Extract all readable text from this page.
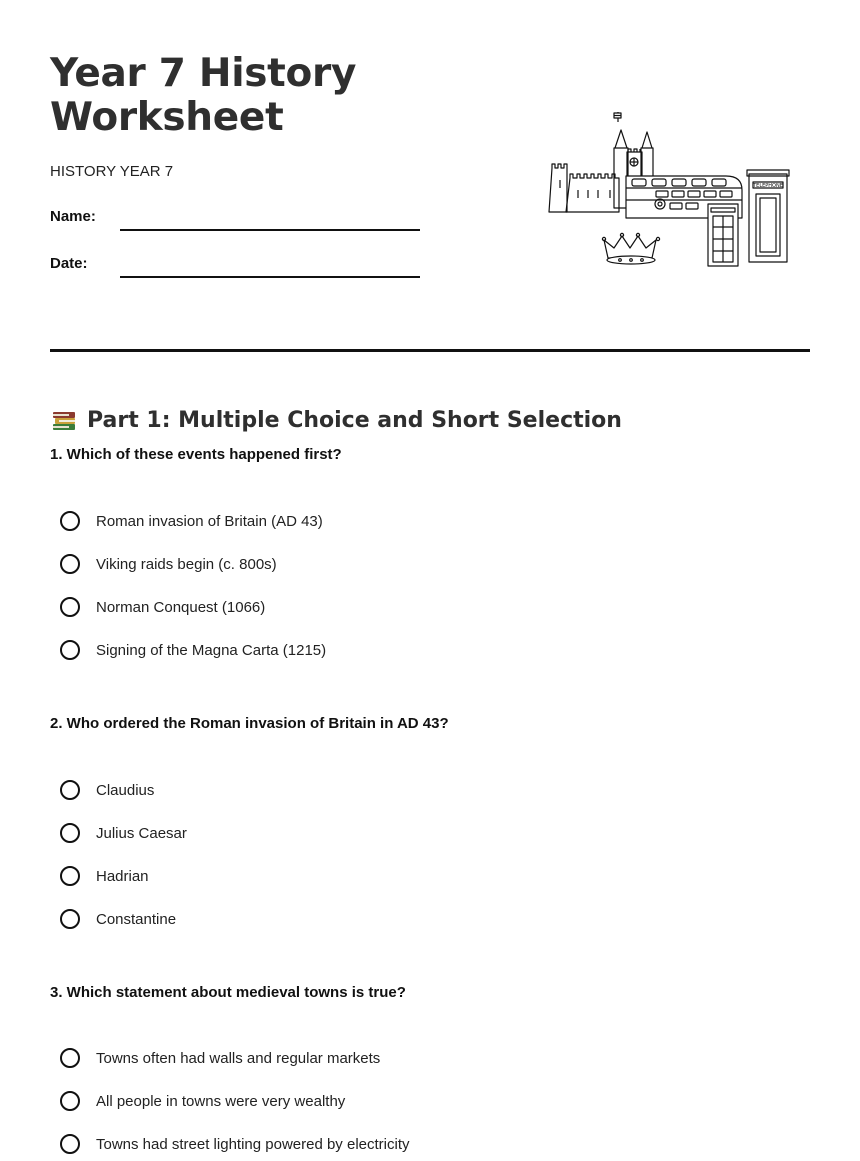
Year 7 History Worksheet
HISTORY YEAR 7
Name:
Date:
TELEPHONE
Part 1: Multiple Choice and Short Selection
1. Which of these events happened first?
Roman invasion of Britain (AD 43)
Viking raids begin (c. 800s)
Norman Conquest (1066)
Signing of the Magna Carta (1215)
2. Who ordered the Roman invasion of Britain in AD 43?
Claudius
Julius Caesar
Hadrian
Constantine
3. Which statement about medieval towns is true?
Towns often had walls and regular markets
All people in towns were very wealthy
Towns had street lighting powered by electricity
